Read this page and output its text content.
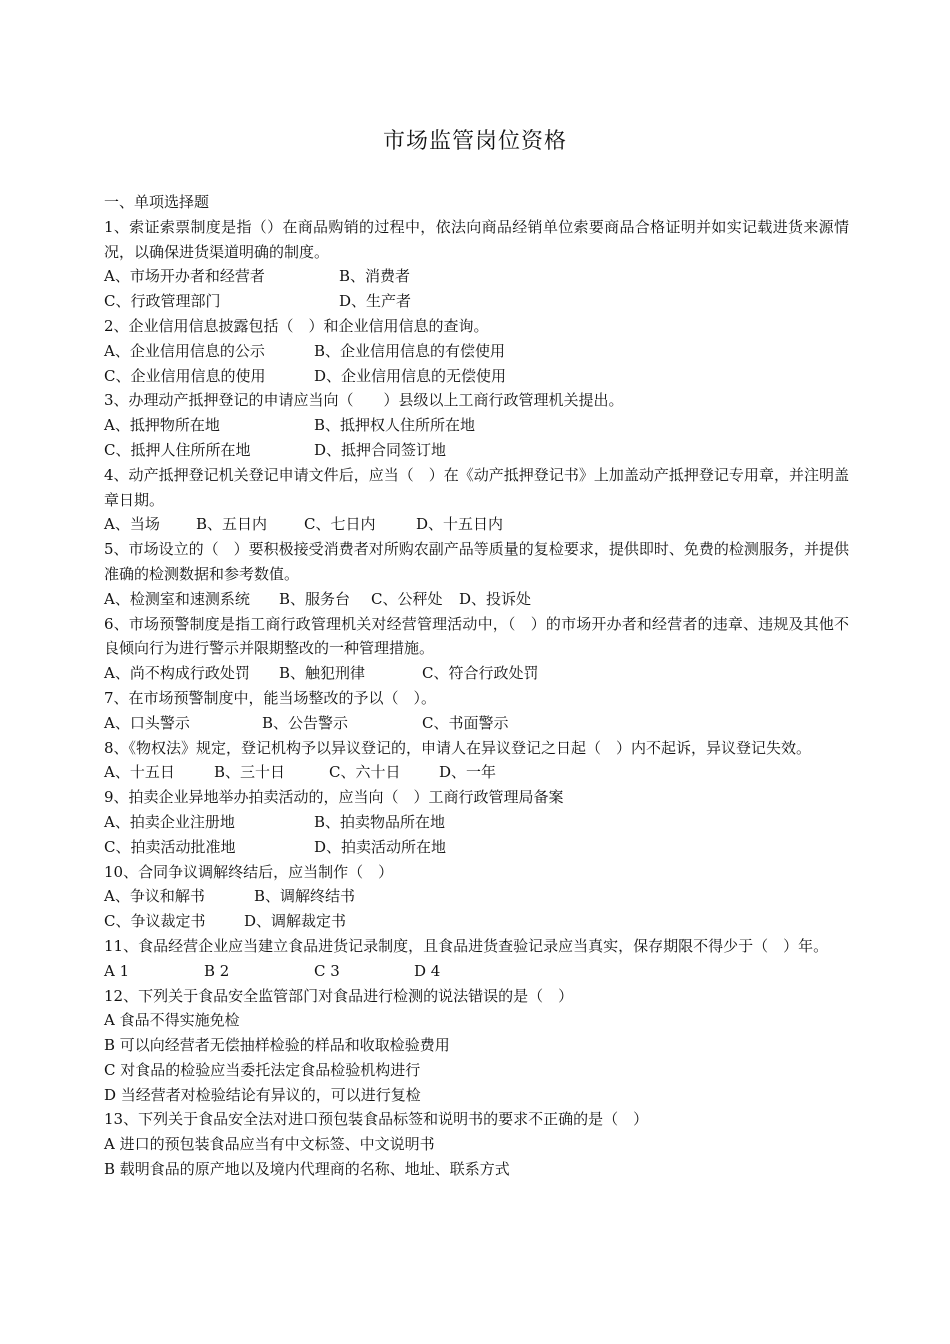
市场监管岗位资格
一、单项选择题
1、索证索票制度是指（）在商品购销的过程中，依法向商品经销单位索要商品合格证明并如实记载进货来源情况，以确保进货渠道明确的制度。
A、市场开办者和经营者	B、消费者
C、行政管理部门	D、生产者
2、企业信用信息披露包括（　）和企业信用信息的查询。
A、企业信用信息的公示	B、企业信用信息的有偿使用
C、企业信用信息的使用	D、企业信用信息的无偿使用
3、办理动产抵押登记的申请应当向（　　）县级以上工商行政管理机关提出。
A、抵押物所在地	B、抵押权人住所所在地
C、抵押人住所所在地	D、抵押合同签订地
4、动产抵押登记机关登记申请文件后，应当（　）在《动产抵押登记书》上加盖动产抵押登记专用章，并注明盖章日期。
A、当场 B、五日内 C、七日内	D、十五日内
5、市场设立的（　）要积极接受消费者对所购农副产品等质量的复检要求，提供即时、免费的检测服务，并提供准确的检测数据和参考数值。
A、检测室和速测系统 B、服务台 C、公秤处 D、投诉处
6、市场预警制度是指工商行政管理机关对经营管理活动中，（　）的市场开办者和经营者的违章、违规及其他不良倾向行为进行警示并限期整改的一种管理措施。
A、尚不构成行政处罚 B、触犯刑律	C、符合行政处罚
7、在市场预警制度中，能当场整改的予以（　）。
A、口头警示	B、公告警示	C、书面警示
8、《物权法》规定，登记机构予以异议登记的，申请人在异议登记之日起（　）内不起诉，异议登记失效。
A、十五日	B、三十日	C、六十日	D、一年
9、拍卖企业异地举办拍卖活动的，应当向（　）工商行政管理局备案
A、拍卖企业注册地	B、拍卖物品所在地
C、拍卖活动批准地	D、拍卖活动所在地
10、合同争议调解终结后，应当制作（　）
A、争议和解书	B、调解终结书
C、争议裁定书	D、调解裁定书
11、食品经营企业应当建立食品进货记录制度，且食品进货查验记录应当真实，保存期限不得少于（　）年。
A 1	B 2	C 3	D 4
12、下列关于食品安全监管部门对食品进行检测的说法错误的是（　）
A 食品不得实施免检
B 可以向经营者无偿抽样检验的样品和收取检验费用
C 对食品的检验应当委托法定食品检验机构进行
D 当经营者对检验结论有异议的，可以进行复检
13、下列关于食品安全法对进口预包装食品标签和说明书的要求不正确的是（　）
A 进口的预包装食品应当有中文标签、中文说明书
B 载明食品的原产地以及境内代理商的名称、地址、联系方式
